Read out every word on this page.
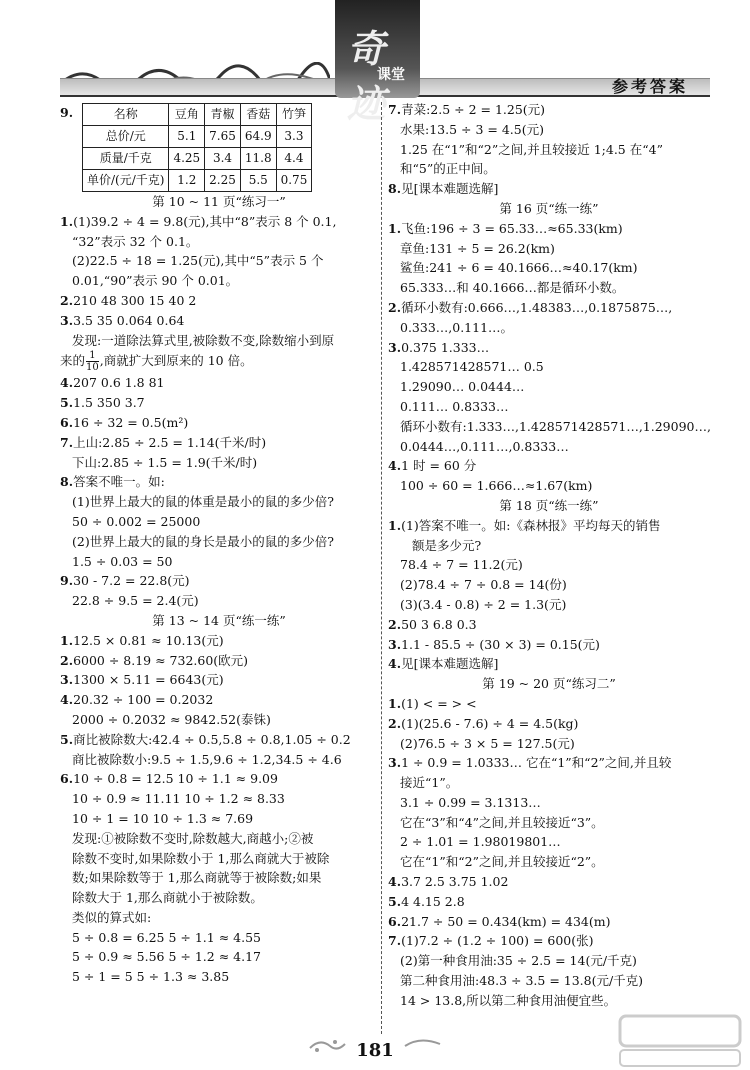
奇迹
课堂
参考答案
9.	名称	豆角	青椒	香菇	竹笋
总价/元	5.1	7.65	64.9	3.3
质量/千克	4.25	3.4	11.8	4.4
单价/(元/千克)	1.2	2.25	5.5	0.75
第 10 ~ 11 页“练习一”
1.(1)39.2 ÷ 4 = 9.8(元),其中“8”表示 8 个 0.1,
“32”表示 32 个 0.1。
(2)22.5 ÷ 18 = 1.25(元),其中“5”表示 5 个
0.01,“90”表示 90 个 0.01。
2.210 48 300 15 40 2
3.3.5 35 0.064 0.64
发现:一道除法算式里,被除数不变,除数缩小到原
来的 $\frac{1}{10}$ ,商就扩大到原来的 10 倍。
4.207 0.6 1.8 81
5.1.5 350 3.7
6.16 ÷ 32 = 0.5(m²)
7.上山:2.85 ÷ 2.5 = 1.14(千米/时)
下山:2.85 ÷ 1.5 = 1.9(千米/时)
8.答案不唯一。如:
(1)世界上最大的鼠的体重是最小的鼠的多少倍?
50 ÷ 0.002 = 25000
(2)世界上最大的鼠的身长是最小的鼠的多少倍?
1.5 ÷ 0.03 = 50
9.30 - 7.2 = 22.8(元)
22.8 ÷ 9.5 = 2.4(元)
第 13 ~ 14 页“练一练”
1.12.5 × 0.81 ≈ 10.13(元)
2.6000 ÷ 8.19 ≈ 732.60(欧元)
3.1300 × 5.11 = 6643(元)
4.20.32 ÷ 100 = 0.2032
2000 ÷ 0.2032 ≈ 9842.52(泰铢)
5.商比被除数大:42.4 ÷ 0.5,5.8 ÷ 0.8,1.05 ÷ 0.2
商比被除数小:9.5 ÷ 1.5,9.6 ÷ 1.2,34.5 ÷ 4.6
6.10 ÷ 0.8 = 12.5 10 ÷ 1.1 ≈ 9.09
10 ÷ 0.9 ≈ 11.11 10 ÷ 1.2 ≈ 8.33
10 ÷ 1 = 10 10 ÷ 1.3 ≈ 7.69
发现:①被除数不变时,除数越大,商越小;②被
除数不变时,如果除数小于 1,那么商就大于被除
数;如果除数等于 1,那么商就等于被除数;如果
除数大于 1,那么商就小于被除数。
类似的算式如:
5 ÷ 0.8 = 6.25 5 ÷ 1.1 ≈ 4.55
5 ÷ 0.9 ≈ 5.56 5 ÷ 1.2 ≈ 4.17
5 ÷ 1 = 5 5 ÷ 1.3 ≈ 3.85
7.青菜:2.5 ÷ 2 = 1.25(元)
水果:13.5 ÷ 3 = 4.5(元)
1.25 在“1”和“2”之间,并且较接近 1;4.5 在“4”
和“5”的正中间。
8.见[课本难题选解]
第 16 页“练一练”
1.飞鱼:196 ÷ 3 = 65.33…≈65.33(km)
章鱼:131 ÷ 5 = 26.2(km)
鲨鱼:241 ÷ 6 = 40.1666…≈40.17(km)
65.333…和 40.1666…都是循环小数。
2.循环小数有:0.666…,1.48383…,0.1875875…,
0.333…,0.111…。
3.0.375 1.333…
1.428571428571… 0.5
1.29090… 0.0444…
0.111… 0.8333…
循环小数有:1.333…,1.428571428571…,1.29090…,
0.0444…,0.111…,0.8333…
4.1 时 = 60 分
100 ÷ 60 = 1.666…≈1.67(km)
第 18 页“练一练”
1.(1)答案不唯一。如:《森林报》平均每天的销售
额是多少元?
78.4 ÷ 7 = 11.2(元)
(2)78.4 ÷ 7 ÷ 0.8 = 14(份)
(3)(3.4 - 0.8) ÷ 2 = 1.3(元)
2.50 3 6.8 0.3
3.1.1 - 85.5 ÷ (30 × 3) = 0.15(元)
4.见[课本难题选解]
第 19 ~ 20 页“练习二”
1.(1) < = > <
2.(1)(25.6 - 7.6) ÷ 4 = 4.5(kg)
(2)76.5 ÷ 3 × 5 = 127.5(元)
3.1 ÷ 0.9 = 1.0333… 它在“1”和“2”之间,并且较
接近“1”。
3.1 ÷ 0.99 = 3.1313…
它在“3”和“4”之间,并且较接近“3”。
2 ÷ 1.01 = 1.98019801…
它在“1”和“2”之间,并且较接近“2”。
4.3.7 2.5 3.75 1.02
5.4 4.15 2.8
6.21.7 ÷ 50 = 0.434(km) = 434(m)
7.(1)7.2 ÷ (1.2 ÷ 100) = 600(张)
(2)第一种食用油:35 ÷ 2.5 = 14(元/千克)
第二种食用油:48.3 ÷ 3.5 = 13.8(元/千克)
14 > 13.8,所以第二种食用油便宜些。
181
